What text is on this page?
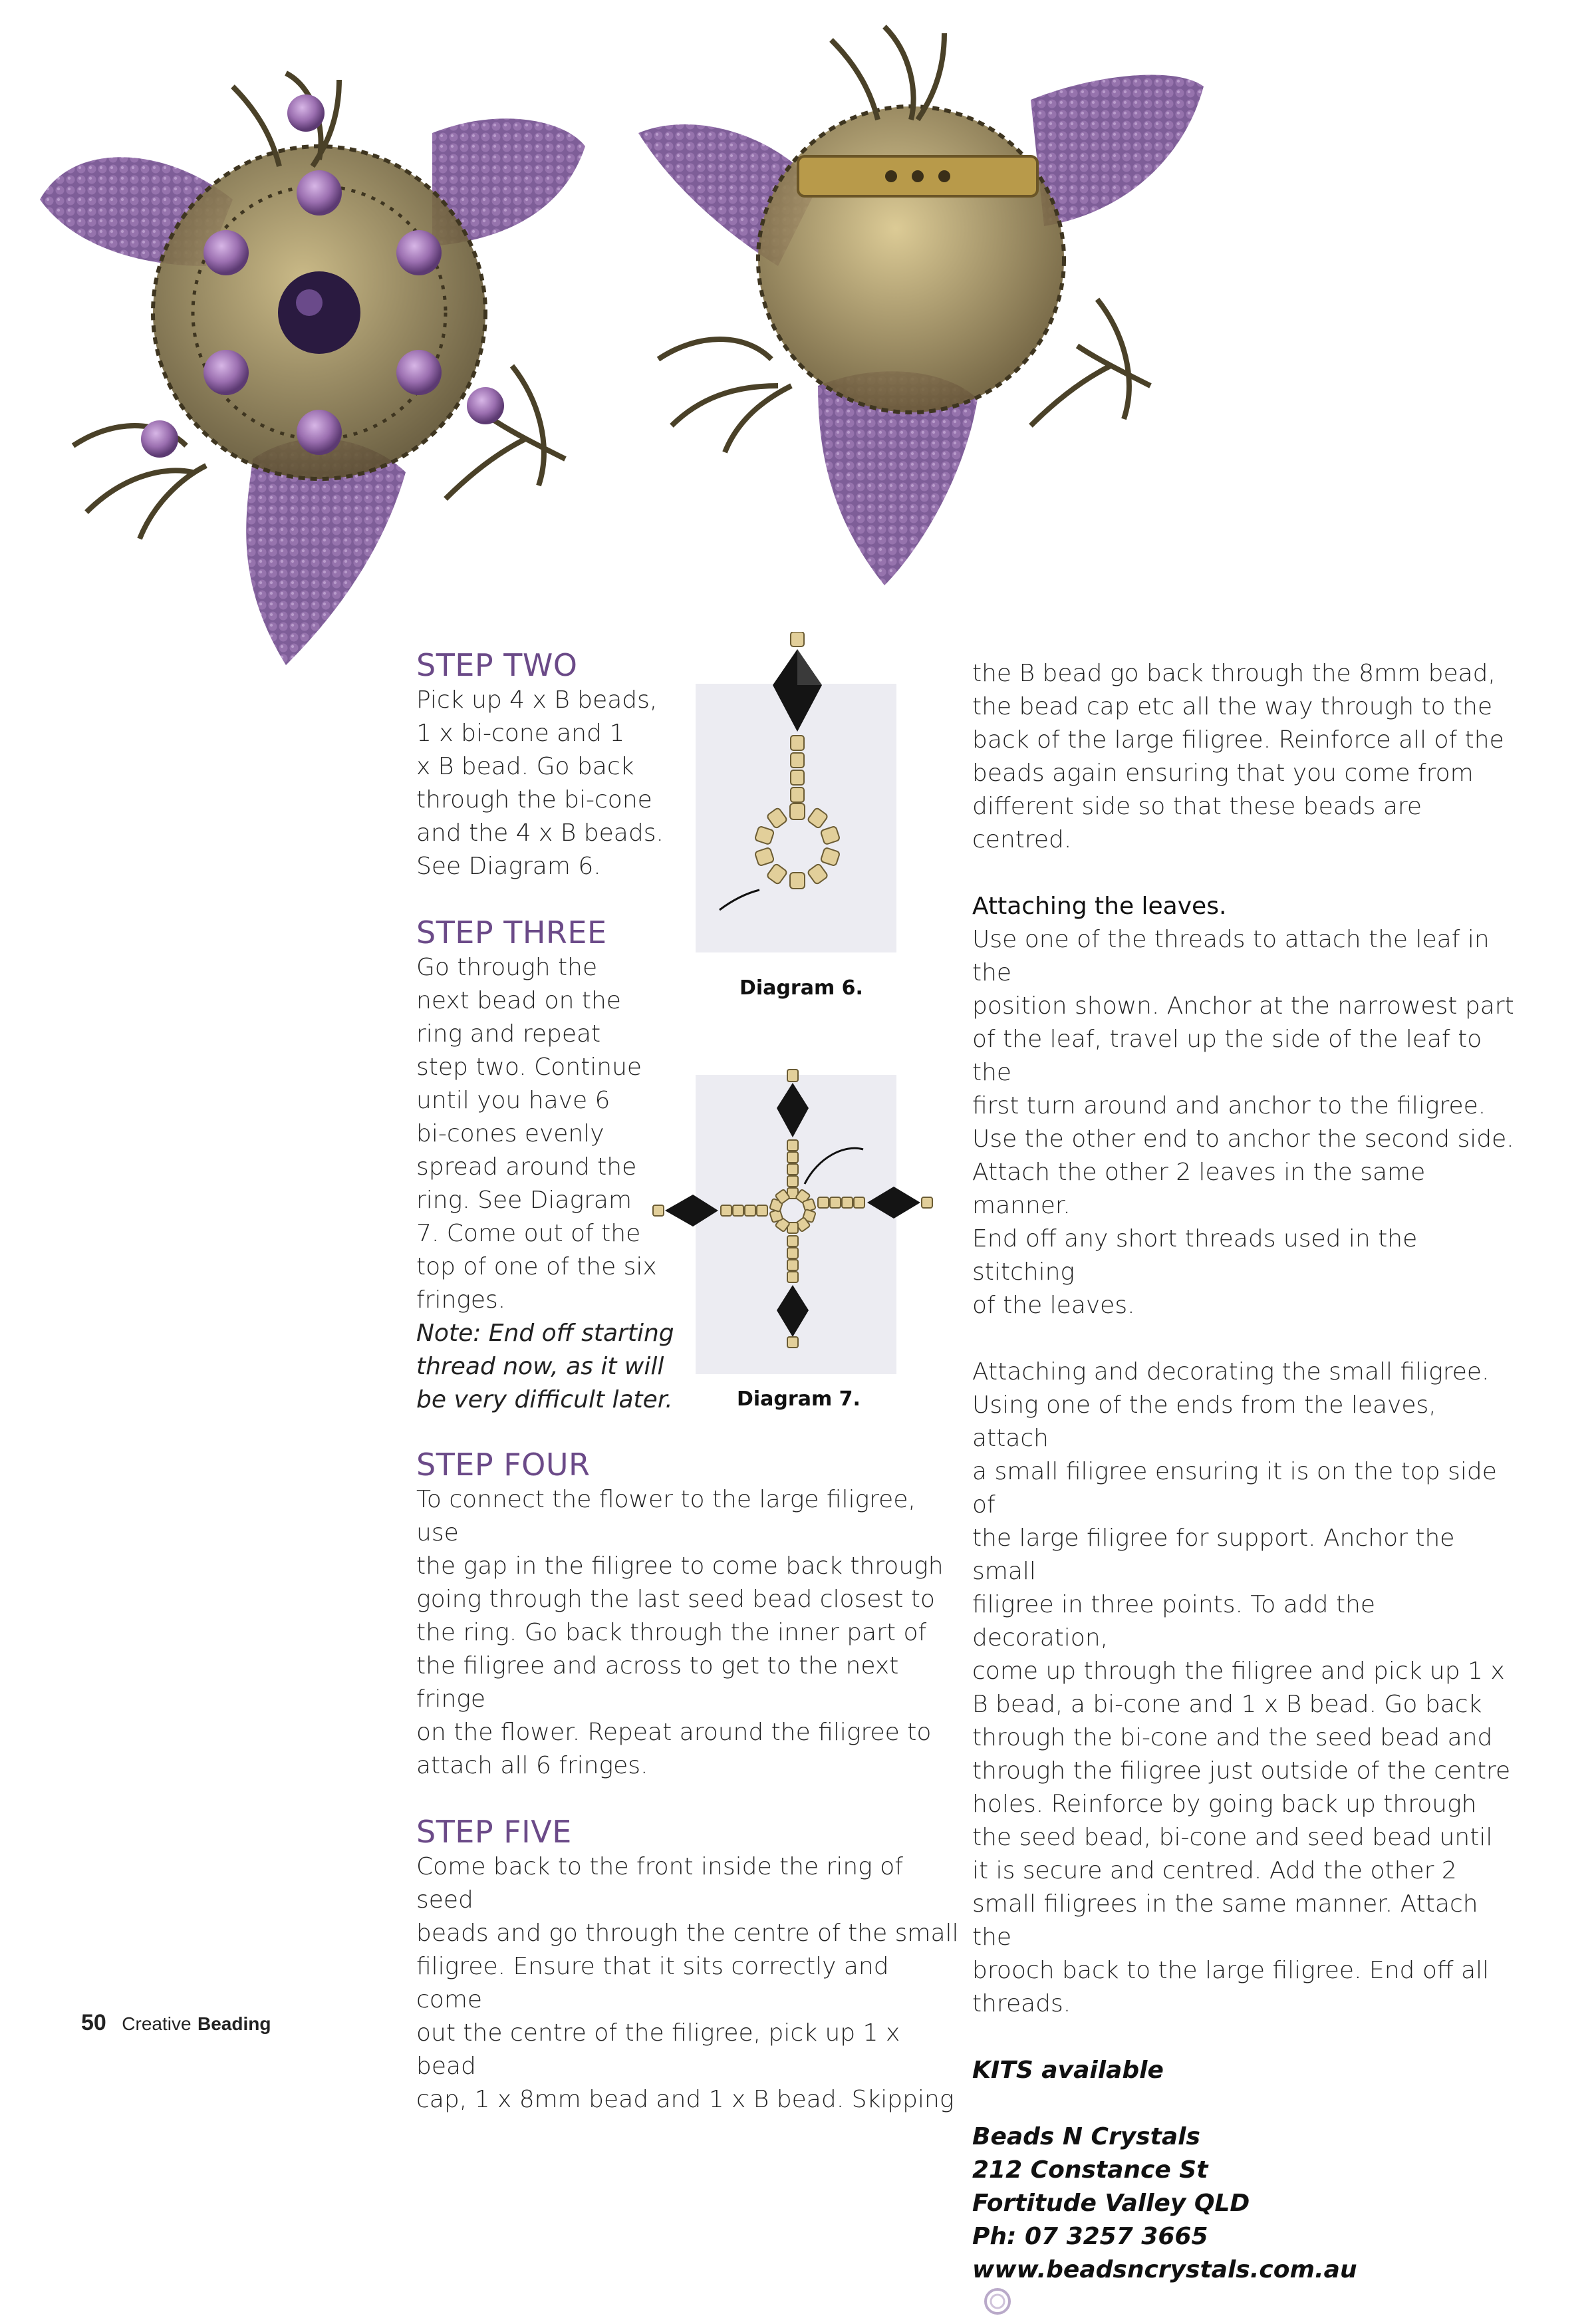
STEP TWO

Pick up 4 x B beads,
1 x bi-cone and 1
x B bead. Go back
through the bi-cone
and the 4 x B beads.
See Diagram 6.

STEP THREE

Go through the
next bead on the
ring and repeat
step two. Continue
until you have 6
bi-cones evenly
spread around the
ring. See Diagram
7. Come out of the
top of one of the six
fringes.

Note: End off starting
thread now, as it will
be very difficult later.

Diagram 6.
Diagram 7.
STEP FOUR

To connect the flower to the large filigree, use
the gap in the filigree to come back through
going through the last seed bead closest to
the ring. Go back through the inner part of
the filigree and across to get to the next fringe
on the flower. Repeat around the filigree to
attach all 6 fringes.

STEP FIVE

Come back to the front inside the ring of seed
beads and go through the centre of the small
filigree. Ensure that it sits correctly and come
out the centre of the filigree, pick up 1 x bead
cap, 1 x 8mm bead and 1 x B bead. Skipping

the B bead go back through the 8mm bead,
the bead cap etc all the way through to the
back of the large filigree. Reinforce all of the
beads again ensuring that you come from
different side so that these beads are centred.

Attaching the leaves.

Use one of the threads to attach the leaf in the
position shown. Anchor at the narrowest part
of the leaf, travel up the side of the leaf to the
first turn around and anchor to the filigree.
Use the other end to anchor the second side.
Attach the other 2 leaves in the same manner.
End off any short threads used in the stitching
of the leaves.

Attaching and decorating the small filigree.

Using one of the ends from the leaves, attach
a small filigree ensuring it is on the top side of
the large filigree for support. Anchor the small
filigree in three points. To add the decoration,
come up through the filigree and pick up 1 x
B bead, a bi-cone and 1 x B bead. Go back
through the bi-cone and the seed bead and
through the filigree just outside of the centre
holes. Reinforce by going back up through
the seed bead, bi-cone and seed bead until
it is secure and centred. Add the other 2
small filigrees in the same manner. Attach the
brooch back to the large filigree. End off all
threads.

KITS available

Beads N Crystals

212 Constance St

Fortitude Valley QLD

Ph: 07 3257 3665

www.beadsncrystals.com.au

50 Creative Beading
